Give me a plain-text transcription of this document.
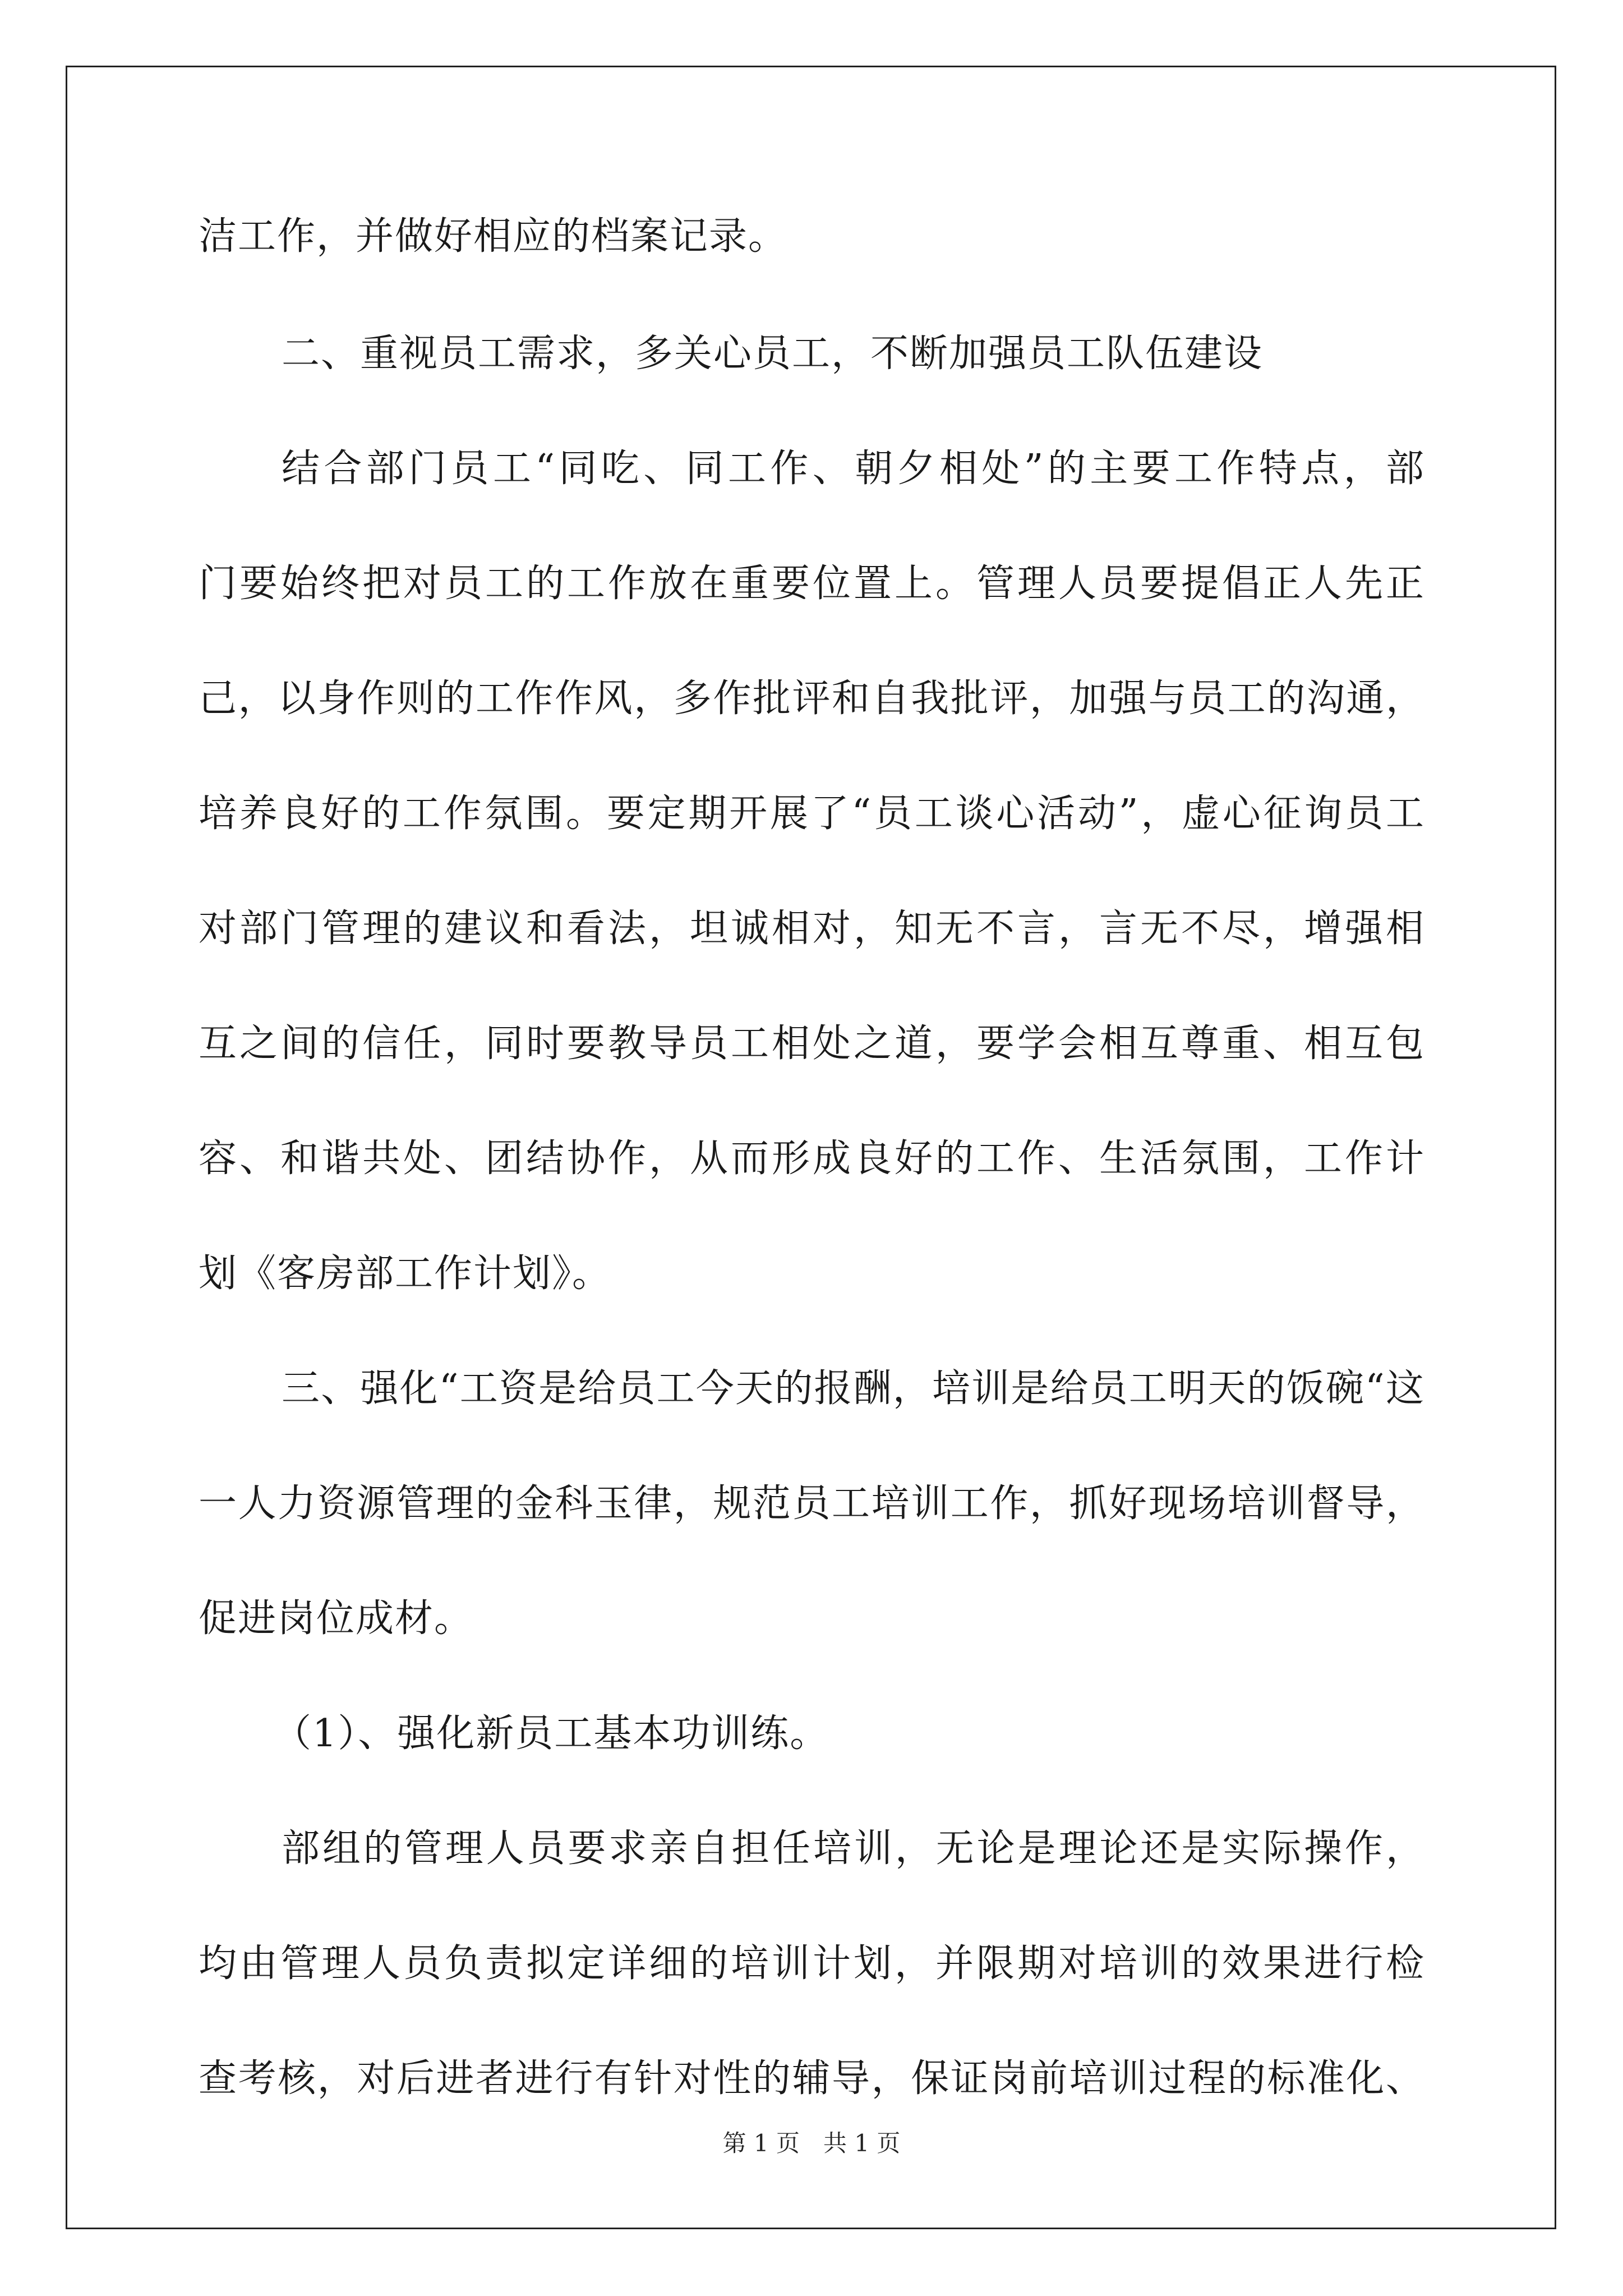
洁工作，并做好相应的档案记录。
二、重视员工需求，多关心员工，不断加强员工队伍建设
结合部门员工“同吃、同工作、朝夕相处”的主要工作特点，部
门要始终把对员工的工作放在重要位置上。管理人员要提倡正人先正
己，以身作则的工作作风，多作批评和自我批评，加强与员工的沟通，
培养良好的工作氛围。要定期开展了“员工谈心活动”，虚心征询员工
对部门管理的建议和看法，坦诚相对，知无不言，言无不尽，增强相
互之间的信任，同时要教导员工相处之道，要学会相互尊重、相互包
容、和谐共处、团结协作，从而形成良好的工作、生活氛围，工作计
划《客房部工作计划》。
三、强化“工资是给员工今天的报酬，培训是给员工明天的饭碗“这
一人力资源管理的金科玉律，规范员工培训工作，抓好现场培训督导，
促进岗位成材。
（1）、强化新员工基本功训练。
部组的管理人员要求亲自担任培训，无论是理论还是实际操作，
均由管理人员负责拟定详细的培训计划，并限期对培训的效果进行检
查考核，对后进者进行有针对性的辅导，保证岗前培训过程的标准化、
第 1 页　共 1 页
